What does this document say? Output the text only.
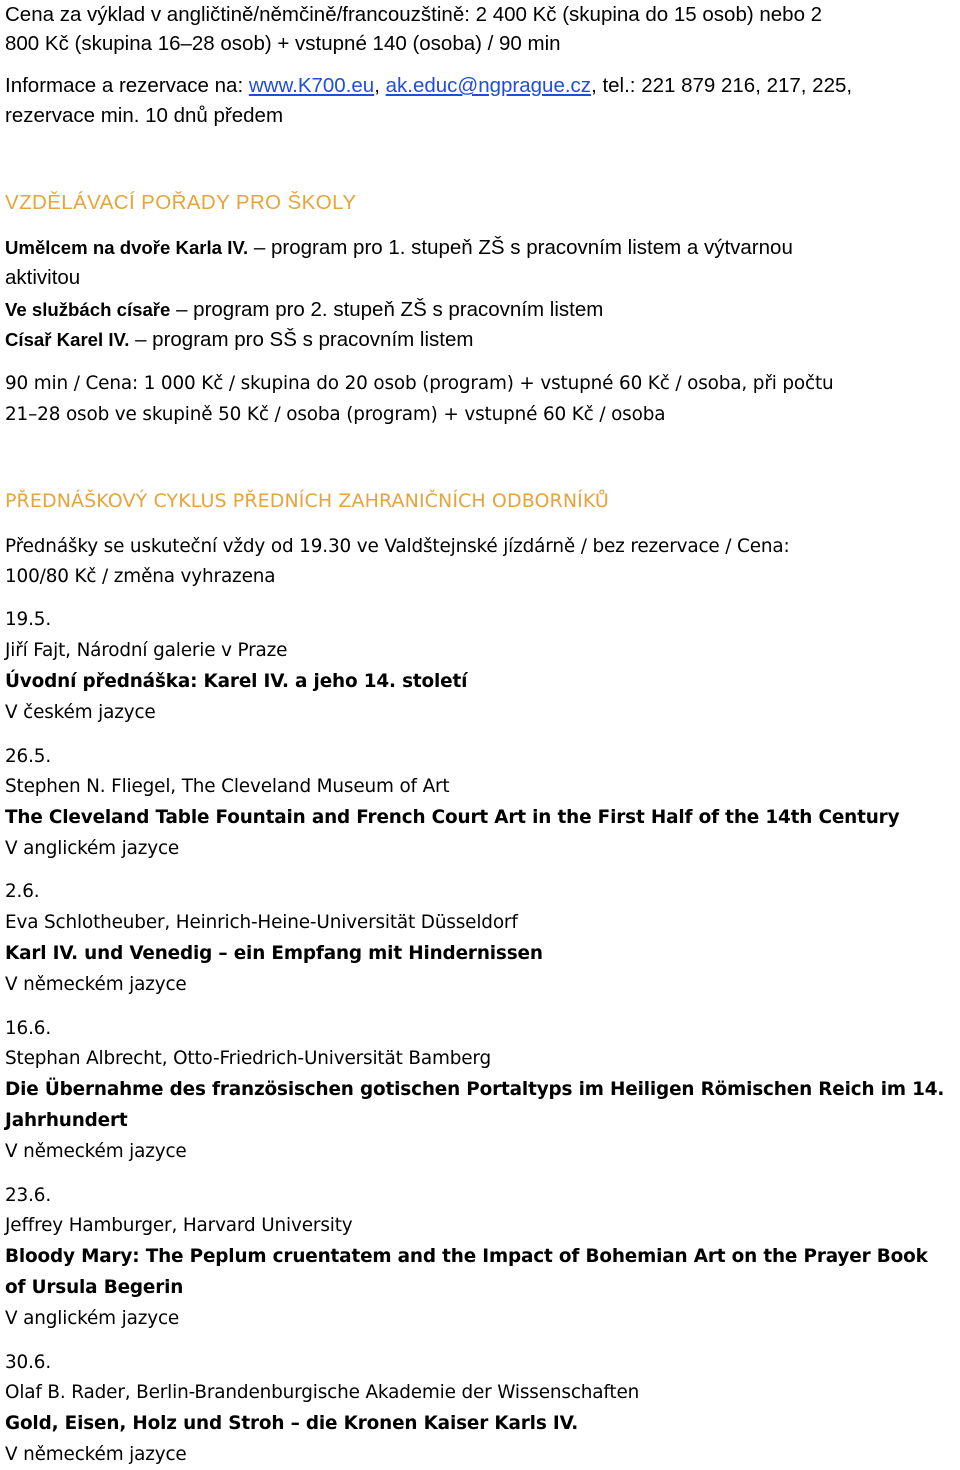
Cena za výklad v angličtině/němčině/francouzštině: 2 400 Kč (skupina do 15 osob) nebo 2
800 Kč (skupina 16–28 osob) + vstupné 140 (osoba) / 90 min
Informace a rezervace na: www.K700.eu, ak.educ@ngprague.cz, tel.: 221 879 216, 217, 225,
rezervace min. 10 dnů předem
VZDĚLÁVACÍ POŘADY PRO ŠKOLY
Umělcem na dvoře Karla IV. – program pro 1. stupeň ZŠ s pracovním listem a výtvarnou
aktivitou
Ve službách císaře – program pro 2. stupeň ZŠ s pracovním listem
Císař Karel IV. – program pro SŠ s pracovním listem
90 min / Cena: 1 000 Kč / skupina do 20 osob (program) + vstupné 60 Kč / osoba, při počtu
21–28 osob ve skupině 50 Kč / osoba (program) + vstupné 60 Kč / osoba
PŘEDNÁŠKOVÝ CYKLUS PŘEDNÍCH ZAHRANIČNÍCH ODBORNÍKŮ
Přednášky se uskuteční vždy od 19.30 ve Valdštejnské jízdárně / bez rezervace / Cena:
100/80 Kč / změna vyhrazena
19.5.
Jiří Fajt, Národní galerie v Praze
Úvodní přednáška: Karel IV. a jeho 14. století
V českém jazyce
26.5.
Stephen N. Fliegel, The Cleveland Museum of Art
The Cleveland Table Fountain and French Court Art in the First Half of the 14th Century
V anglickém jazyce
2.6.
Eva Schlotheuber, Heinrich-Heine-Universität Düsseldorf
Karl IV. und Venedig – ein Empfang mit Hindernissen
V německém jazyce
16.6.
Stephan Albrecht, Otto-Friedrich-Universität Bamberg
Die Übernahme des französischen gotischen Portaltyps im Heiligen Römischen Reich im 14.
Jahrhundert
V německém jazyce
23.6.
Jeffrey Hamburger, Harvard University
Bloody Mary: The Peplum cruentatem and the Impact of Bohemian Art on the Prayer Book
of Ursula Begerin
V anglickém jazyce
30.6.
Olaf B. Rader, Berlin-Brandenburgische Akademie der Wissenschaften
Gold, Eisen, Holz und Stroh – die Kronen Kaiser Karls IV.
V německém jazyce
